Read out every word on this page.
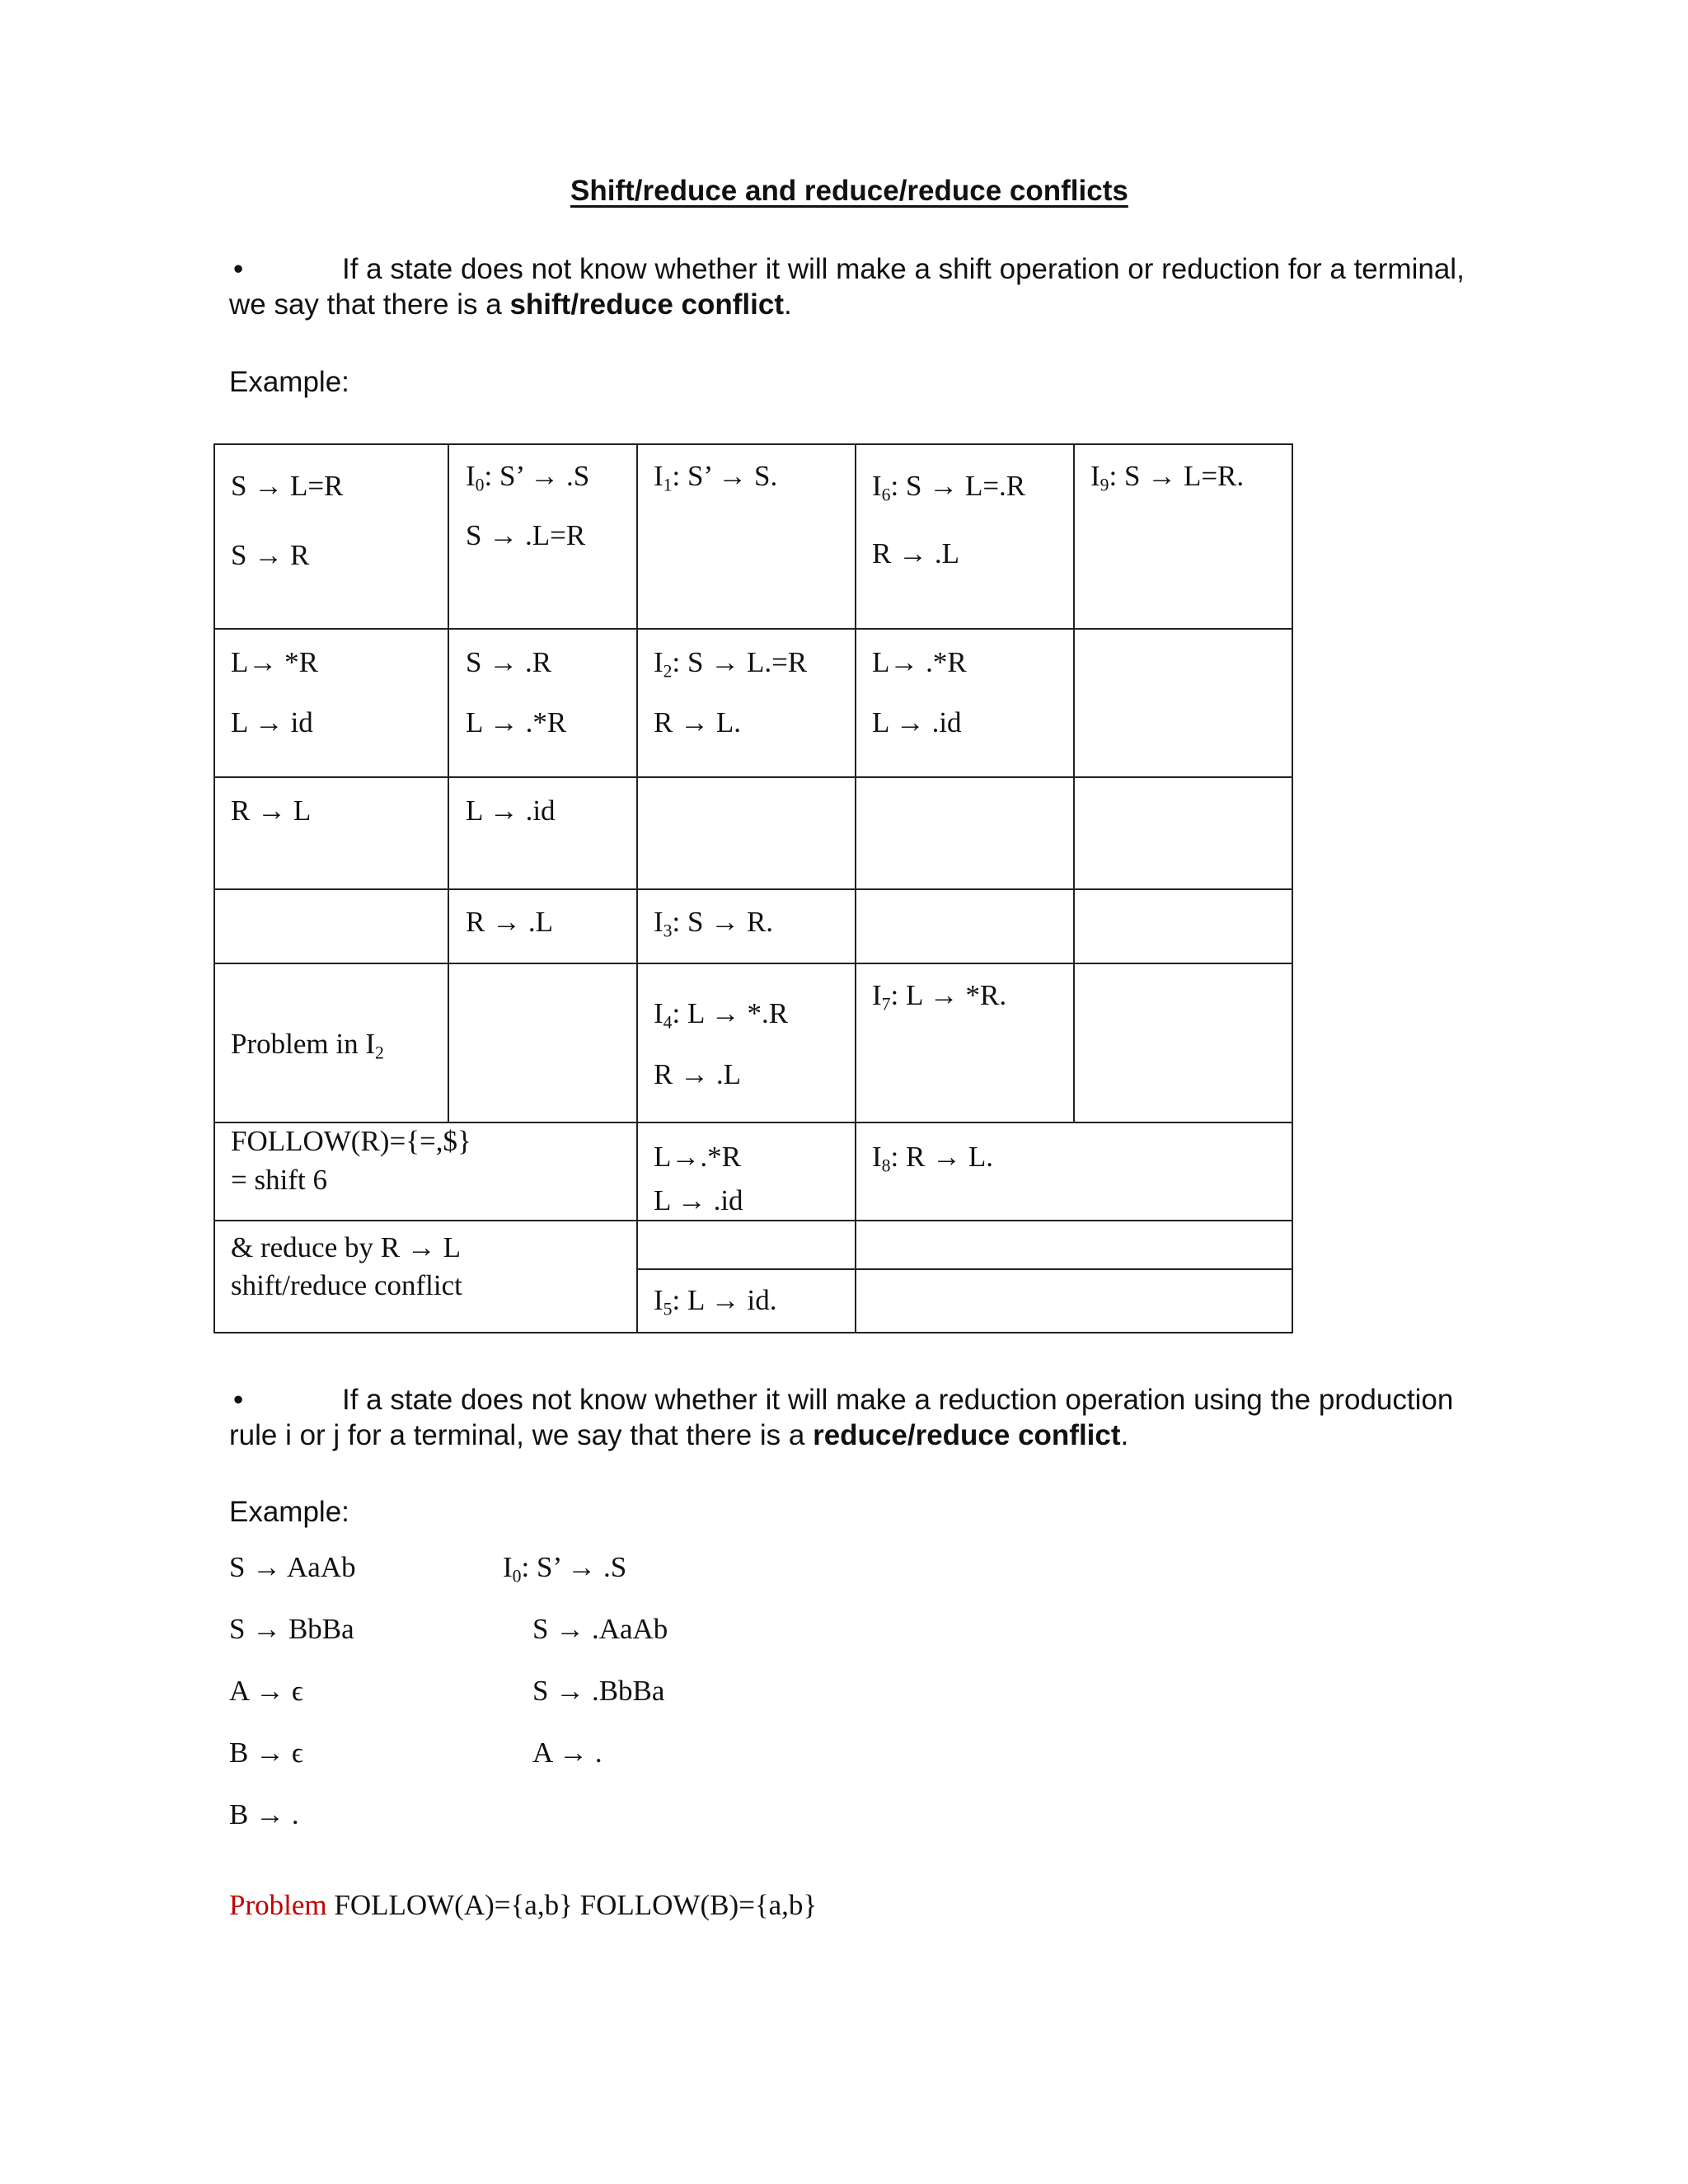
Shift/reduce and reduce/reduce conflicts
•	If a state does not know whether it will make a shift operation or reduction for a terminal,
we say that there is a shift/reduce conflict.
Example:
S → L=R
S → R
L→ *R
L → id
R → L
Problem in $I_2$
FOLLOW(R)={=,$}
= shift 6
& reduce by R → L
shift/reduce conflict
$I_0$: S’ → .S
S → .L=R
S → .R
L → .*R
L → .id
R → .L
$I_1$: S’ → S.
$I_2$: S → L.=R
R → L.
$I_3$: S → R.
$I_4$: L → *.R
R → .L
L→.*R
L → .id
$I_5$: L → id.
$I_6$: S → L=.R
R → .L
L→ .*R
L → .id
$I_7$: L → *R.
$I_8$: R → L.
$I_9$: S → L=R.
•	If a state does not know whether it will make a reduction operation using the production
rule i or j for a terminal, we say that there is a reduce/reduce conflict.
Example:
S → AaAb
S → BbBa
A → ϵ
B → ϵ
B → .
$I_0$: S’ → .S
S → .AaAb
S → .BbBa
A → .
Problem FOLLOW(A)={a,b} FOLLOW(B)={a,b}
